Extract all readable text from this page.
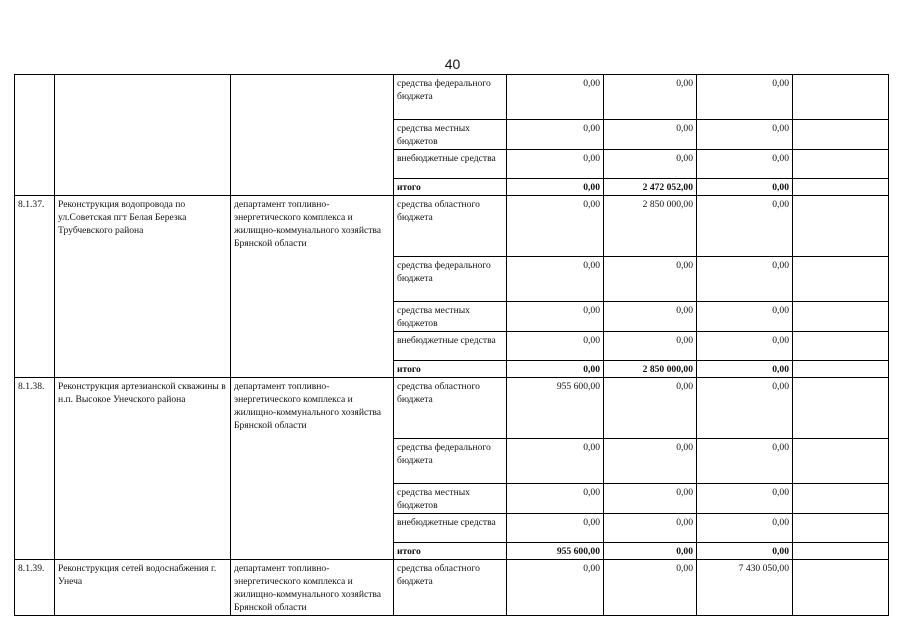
40
			средства федерального бюджета	0,00	0,00	0,00	
			средства местных бюджетов	0,00	0,00	0,00	
			внебюджетные средства	0,00	0,00	0,00	
			итого	0,00	2 472 052,00	0,00	
8.1.37.	Реконструкция водопровода по ул.Советская пгт Белая Березка Трубчевского района	департамент топливно-энергетического комплекса и жилищно-коммунального хозяйства Брянской области	средства областного бюджета	0,00	2 850 000,00	0,00	
			средства федерального бюджета	0,00	0,00	0,00	
			средства местных бюджетов	0,00	0,00	0,00	
			внебюджетные средства	0,00	0,00	0,00	
			итого	0,00	2 850 000,00	0,00	
8.1.38.	Реконструкция артезианской скважины в н.п. Высокое Унечского района	департамент топливно-энергетического комплекса и жилищно-коммунального хозяйства Брянской области	средства областного бюджета	955 600,00	0,00	0,00	
			средства федерального бюджета	0,00	0,00	0,00	
			средства местных бюджетов	0,00	0,00	0,00	
			внебюджетные средства	0,00	0,00	0,00	
			итого	955 600,00	0,00	0,00	
8.1.39.	Реконструкция сетей водоснабжения г. Унеча	департамент топливно-энергетического комплекса и жилищно-коммунального хозяйства Брянской области	средства областного бюджета	0,00	0,00	7 430 050,00	
